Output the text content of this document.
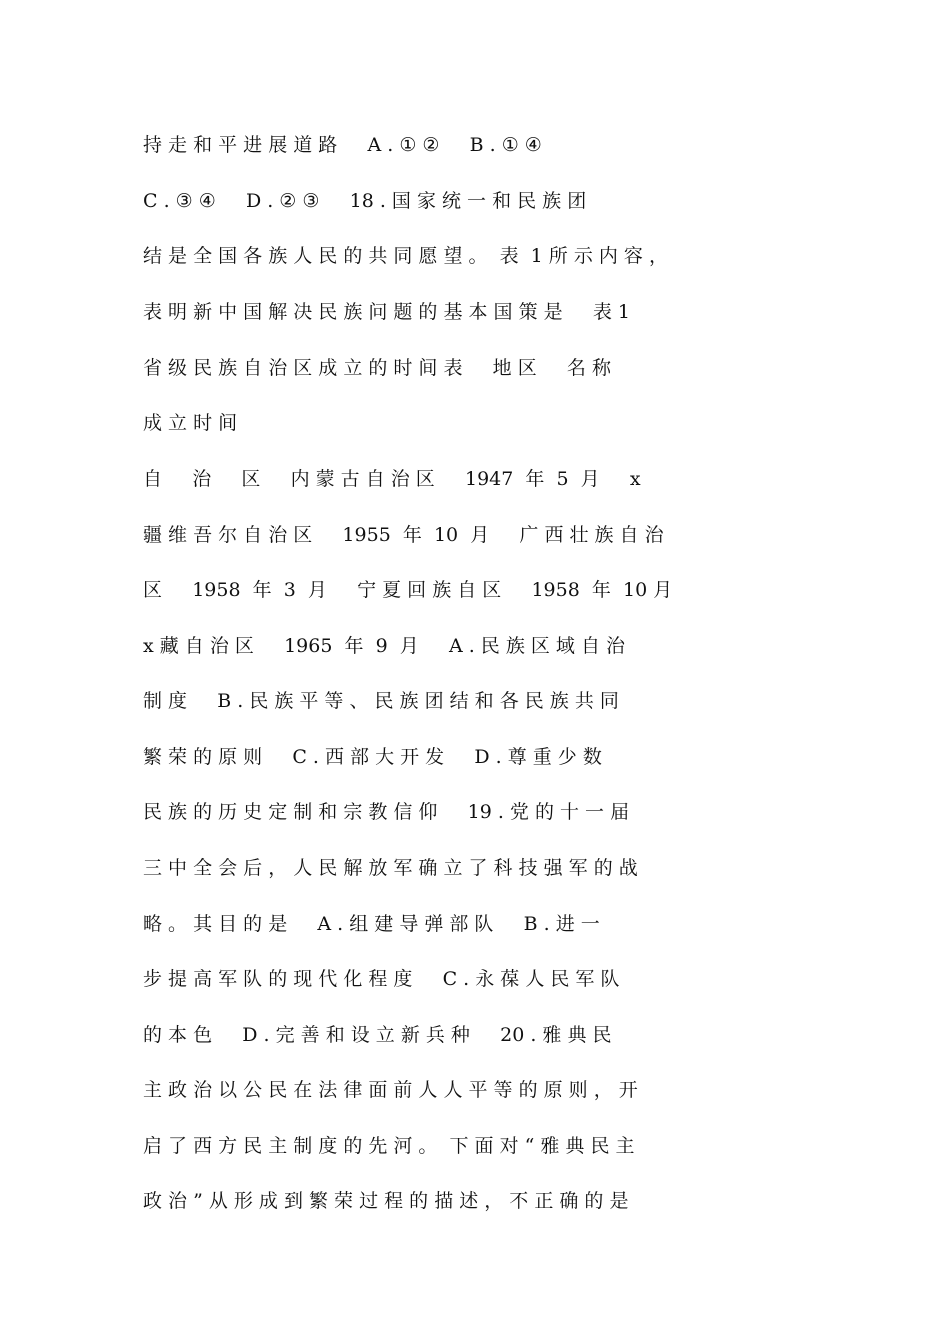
持 走 和 平 进 展 道 路     A . ① ②     B . ① ④
C . ③ ④     D . ② ③     18 . 国 家 统 一 和 民 族 团
结 是 全 国 各 族 人 民 的 共 同 愿 望 。  表  1 所 示 内 容 ，
表 明 新 中 国 解 决 民 族 问 题 的 基 本 国 策 是     表 1
省 级 民 族 自 治 区 成 立 的 时 间 表     地 区     名 称
成 立 时 间
自     治     区     内 蒙 古 自 治 区     1947  年  5  月     x
疆 维 吾 尔 自 治 区     1955  年  10  月     广 西 壮 族 自 治
区     1958  年  3  月     宁 夏 回 族 自 区     1958  年  10 月
x 藏 自 治 区     1965  年  9  月     A . 民 族 区 域 自 治
制 度     B . 民 族 平 等 、 民 族 团 结 和 各 民 族 共 同
繁 荣 的 原 则     C . 西 部 大 开 发     D . 尊 重 少 数
民 族 的 历 史 定 制 和 宗 教 信 仰     19 . 党 的 十 一 届
三 中 全 会 后 ， 人 民 解 放 军 确 立 了 科 技 强 军 的 战
略 。 其 目 的 是     A . 组 建 导 弹 部 队     B . 进 一
步 提 高 军 队 的 现 代 化 程 度     C . 永 葆 人 民 军 队
的 本 色     D . 完 善 和 设 立 新 兵 种     20 . 雅 典 民
主 政 治 以 公 民 在 法 律 面 前 人 人 平 等 的 原 则 ， 开
启 了 西 方 民 主 制 度 的 先 河 。  下 面 对 “ 雅 典 民 主
政 治 ” 从 形 成 到 繁 荣 过 程 的 描 述 ， 不 正 确 的 是
